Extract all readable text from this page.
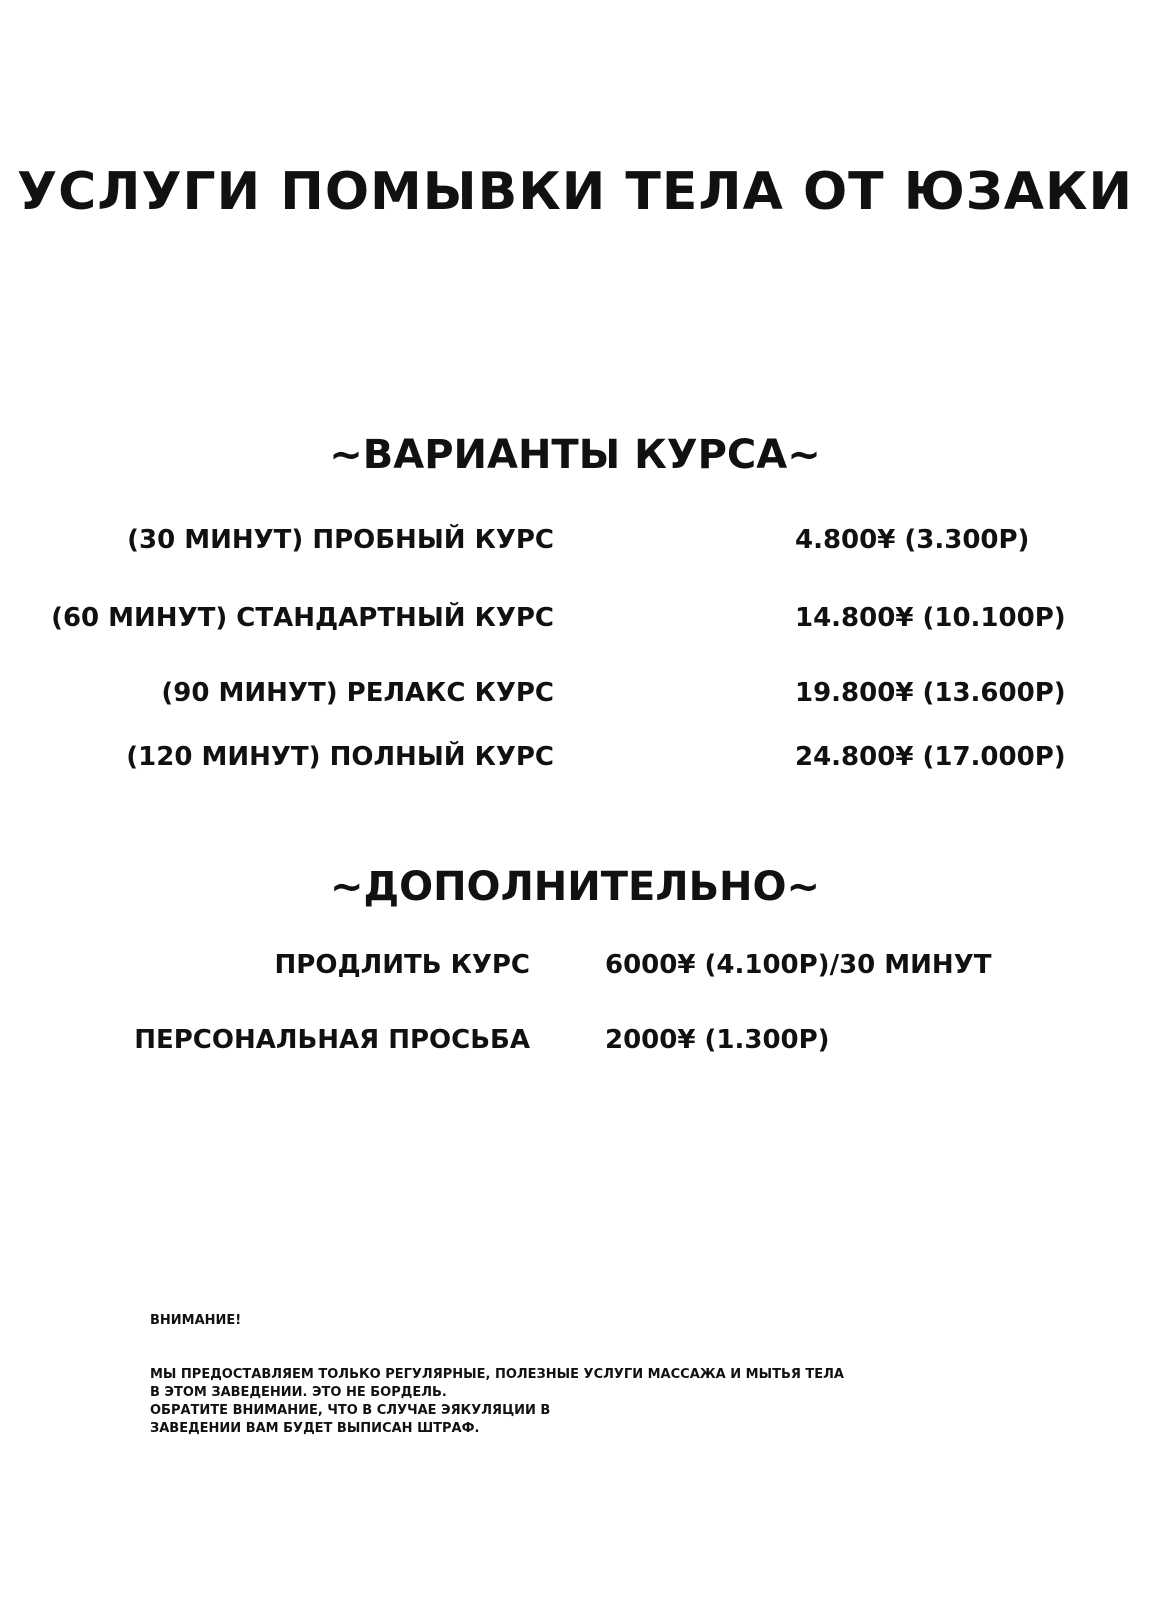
УСЛУГИ ПОМЫВКИ ТЕЛА ОТ ЮЗАКИ
~ВАРИАНТЫ КУРСА~
(30 МИНУТ) ПРОБНЫЙ КУРС	4.800¥ (3.300Р)
(60 МИНУТ) СТАНДАРТНЫЙ КУРС	14.800¥ (10.100Р)
(90 МИНУТ) РЕЛАКС КУРС	19.800¥ (13.600Р)
(120 МИНУТ) ПОЛНЫЙ КУРС	24.800¥ (17.000Р)
~ДОПОЛНИТЕЛЬНО~
ПРОДЛИТЬ КУРС	6000¥ (4.100Р)/30 МИНУТ
ПЕРСОНАЛЬНАЯ ПРОСЬБА	2000¥ (1.300Р)
ВНИМАНИЕ!
МЫ ПРЕДОСТАВЛЯЕМ ТОЛЬКО РЕГУЛЯРНЫЕ, ПОЛЕЗНЫЕ УСЛУГИ МАССАЖА И МЫТЬЯ ТЕЛА
В ЭТОМ ЗАВЕДЕНИИ. ЭТО НЕ БОРДЕЛЬ.
ОБРАТИТЕ ВНИМАНИЕ, ЧТО В СЛУЧАЕ ЭЯКУЛЯЦИИ В
ЗАВЕДЕНИИ ВАМ БУДЕТ ВЫПИСАН ШТРАФ.
